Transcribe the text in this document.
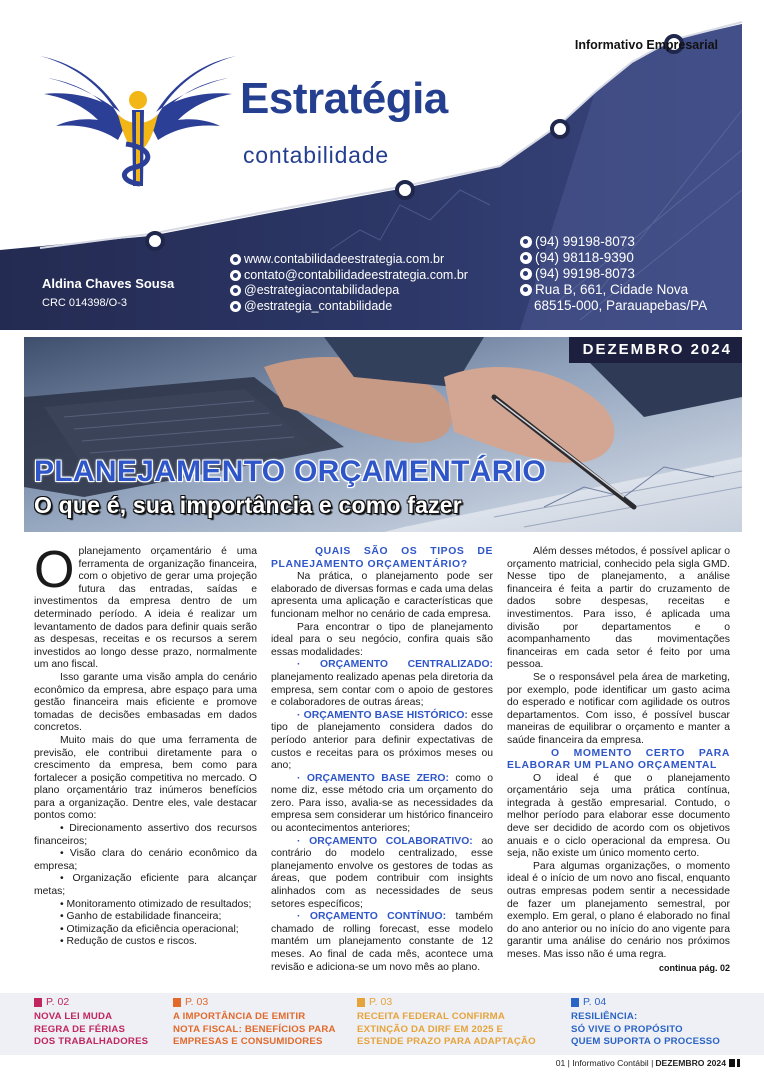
Informativo Empresarial
Estratégia
contabilidade
Aldina Chaves Sousa
CRC 014398/O-3
www.contabilidadeestrategia.com.br
contato@contabilidadeestrategia.com.br
@estrategiacontabilidadepa
@estrategia_contabilidade
(94) 99198-8073
(94) 98118-9390
(94) 99198-8073
Rua B, 661, Cidade Nova
68515-000, Parauapebas/PA
DEZEMBRO 2024
PLANEJAMENTO ORÇAMENTÁRIO
O que é, sua importância e como fazer

Oplanejamento orçamentário é uma ferramenta de organização financeira, com o objetivo de gerar uma projeção futura das entradas, saídas e investimentos da empresa dentro de um determinado período. A ideia é realizar um levantamento de dados para definir quais serão as despesas, receitas e os recursos a serem investidos ao longo desse prazo, normalmente um ano fiscal.

Isso garante uma visão ampla do cenário econômico da empresa, abre espaço para uma gestão financeira mais eficiente e promove tomadas de decisões embasadas em dados concretos.

Muito mais do que uma ferramenta de previsão, ele contribui diretamente para o crescimento da empresa, bem como para fortalecer a posição competitiva no mercado. O plano orçamentário traz inúmeros benefícios para a organização. Dentre eles, vale destacar pontos como:

• Direcionamento assertivo dos recursos financeiros;

• Visão clara do cenário econômico da empresa;

• Organização eficiente para alcançar metas;

• Monitoramento otimizado de resultados;

• Ganho de estabilidade financeira;

• Otimização da eficiência operacional;

• Redução de custos e riscos.

QUAIS SÃO OS TIPOS DE PLANEJAMENTO ORÇAMENTÁRIO?

Na prática, o planejamento pode ser elaborado de diversas formas e cada uma delas apresenta uma aplicação e características que funcionam melhor no cenário de cada empresa.

Para encontrar o tipo de planejamento ideal para o seu negócio, confira quais são essas modalidades:

· ORÇAMENTO CENTRALIZADO: planejamento realizado apenas pela diretoria da empresa, sem contar com o apoio de gestores e colaboradores de outras áreas;

· ORÇAMENTO BASE HISTÓRICO: esse tipo de planejamento considera dados do período anterior para definir expectativas de custos e receitas para os próximos meses ou ano;

· ORÇAMENTO BASE ZERO: como o nome diz, esse método cria um orçamento do zero. Para isso, avalia-se as necessidades da empresa sem considerar um histórico financeiro ou acontecimentos anteriores;

· ORÇAMENTO COLABORATIVO: ao contrário do modelo centralizado, esse planejamento envolve os gestores de todas as áreas, que podem contribuir com insights alinhados com as necessidades de seus setores específicos;

· ORÇAMENTO CONTÍNUO: também chamado de rolling forecast, esse modelo mantém um planejamento constante de 12 meses. Ao final de cada mês, acontece uma revisão e adiciona-se um novo mês ao plano.

Além desses métodos, é possível aplicar o orçamento matricial, conhecido pela sigla GMD. Nesse tipo de planejamento, a análise financeira é feita a partir do cruzamento de dados sobre despesas, receitas e investimentos. Para isso, é aplicada uma divisão por departamentos e o acompanhamento das movimentações financeiras em cada setor é feito por uma pessoa.

Se o responsável pela área de marketing, por exemplo, pode identificar um gasto acima do esperado e notificar com agilidade os outros departamentos. Com isso, é possível buscar maneiras de equilibrar o orçamento e manter a saúde financeira da empresa.

O MOMENTO CERTO PARA ELABORAR UM PLANO ORÇAMENTAL

O ideal é que o planejamento orçamentário seja uma prática contínua, integrada à gestão empresarial. Contudo, o melhor período para elaborar esse documento deve ser decidido de acordo com os objetivos anuais e o ciclo operacional da empresa. Ou seja, não existe um único momento certo.

Para algumas organizações, o momento ideal é o início de um novo ano fiscal, enquanto outras empresas podem sentir a necessidade de fazer um planejamento semestral, por exemplo. Em geral, o plano é elaborado no final do ano anterior ou no início do ano vigente para garantir uma análise do cenário nos próximos meses. Mas isso não é uma regra.

continua pág. 02

P. 02
NOVA LEI MUDA
REGRA DE FÉRIAS
DOS TRABALHADORES
P. 03
A IMPORTÂNCIA DE EMITIR
NOTA FISCAL: BENEFÍCIOS PARA
EMPRESAS E CONSUMIDORES
P. 03
RECEITA FEDERAL CONFIRMA
EXTINÇÃO DA DIRF EM 2025 E
ESTENDE PRAZO PARA ADAPTAÇÃO
P. 04
RESILIÊNCIA:
SÓ VIVE O PROPÓSITO
QUEM SUPORTA O PROCESSO
01 | Informativo Contábil | DEZEMBRO 2024
